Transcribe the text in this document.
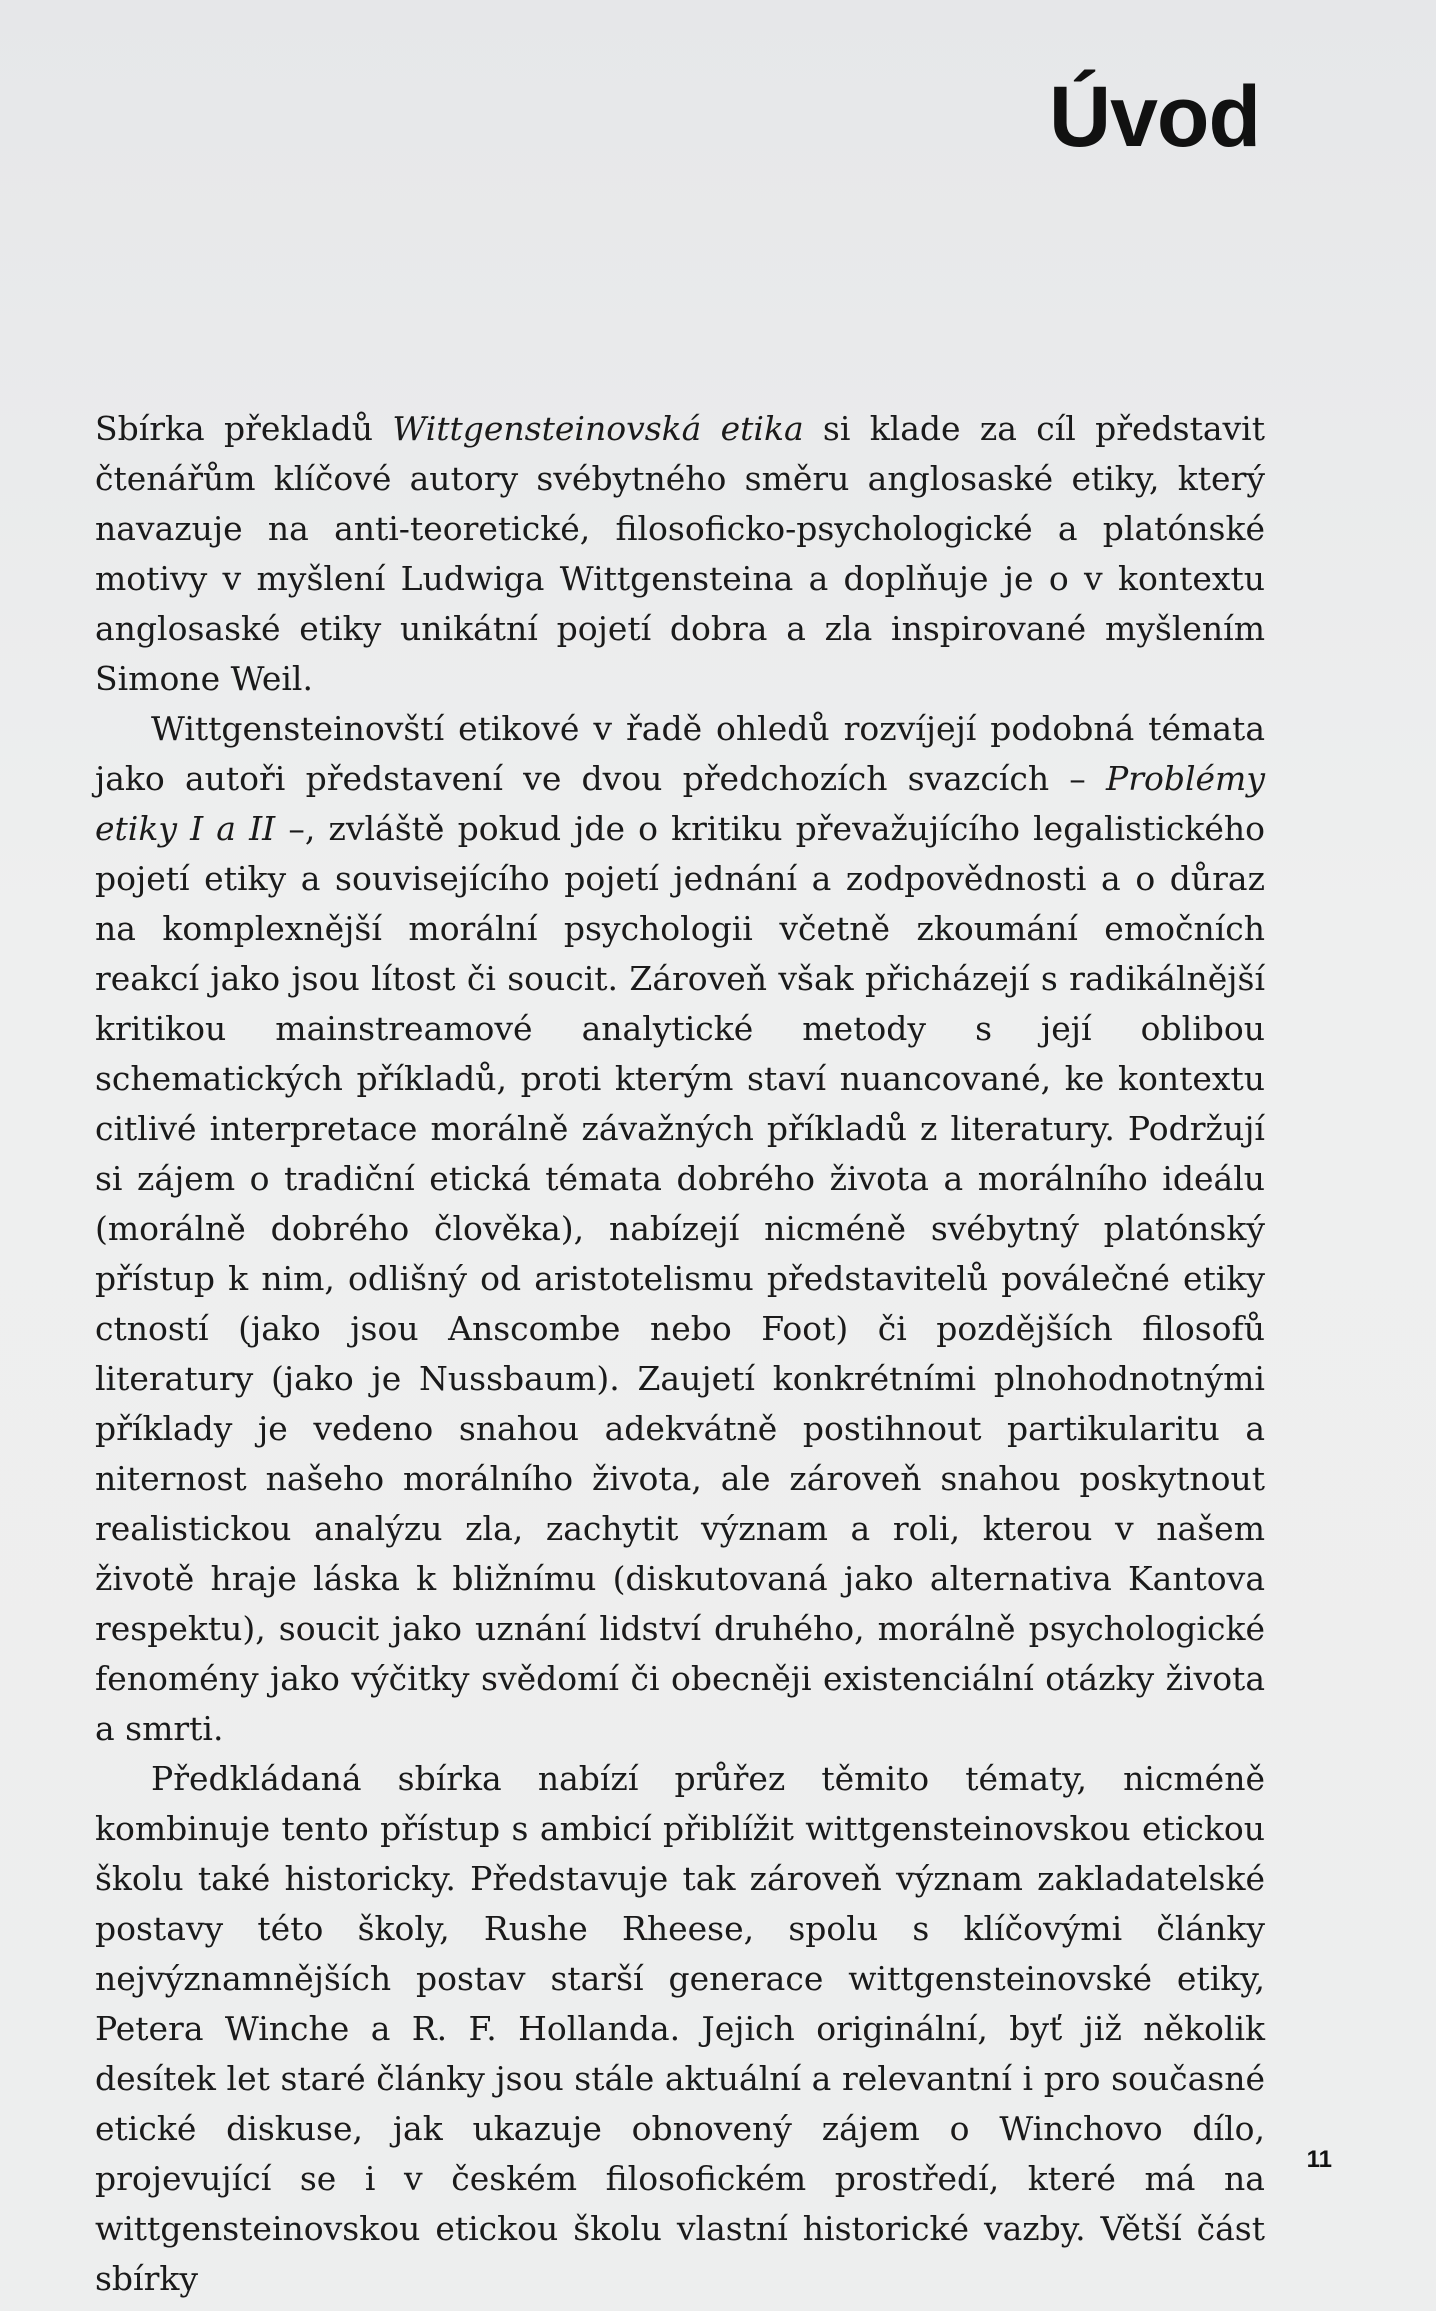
Úvod

Sbírka překladů Wittgensteinovská etika si klade za cíl představit čtenářům klíčové autory svébytného směru anglosaské etiky, který navazuje na anti-teoretické, filosoficko-psychologické a platónské motivy v myšlení Ludwiga Wittgensteina a doplňuje je o v kontextu anglosaské etiky unikátní pojetí dobra a zla inspirované myšlením Simone Weil.

Wittgensteinovští etikové v řadě ohledů rozvíjejí podobná témata jako autoři představení ve dvou předchozích svazcích – Problémy etiky I a II –, zvláště pokud jde o kritiku převažujícího legalistického pojetí etiky a souvisejícího pojetí jednání a zodpovědnosti a o důraz na komplexnější morální psychologii včetně zkoumání emočních reakcí jako jsou lítost či soucit. Zároveň však přicházejí s radikálnější kritikou mainstreamové analytické metody s její oblibou schematických příkladů, proti kterým staví nuancované, ke kontextu citlivé interpretace morálně závažných příkladů z literatury. Podržují si zájem o tradiční etická témata dobrého života a morálního ideálu (morálně dobrého člověka), nabízejí nicméně svébytný platónský přístup k nim, odlišný od aristotelismu představitelů poválečné etiky ctností (jako jsou Anscombe nebo Foot) či pozdějších filosofů literatury (jako je Nussbaum). Zaujetí konkrétními plnohodnotnými příklady je vedeno snahou adekvátně postihnout partikularitu a niternost našeho morálního života, ale zároveň snahou poskytnout realistickou analýzu zla, zachytit význam a roli, kterou v našem životě hraje láska k bližnímu (diskutovaná jako alternativa Kantova respektu), soucit jako uznání lidství druhého, morálně psychologické fenomény jako výčitky svědomí či obecněji existenciální otázky života a smrti.

Předkládaná sbírka nabízí průřez těmito tématy, nicméně kombinuje tento přístup s ambicí přiblížit wittgensteinovskou etickou školu také historicky. Představuje tak zároveň význam zakladatelské postavy této školy, Rushe Rheese, spolu s klíčovými články nejvýznamnějších postav starší generace wittgensteinovské etiky, Petera Winche a R. F. Hollanda. Jejich originální, byť již několik desítek let staré články jsou stále aktuální a relevantní i pro současné etické diskuse, jak ukazuje obnovený zájem o Winchovo dílo, projevující se i v českém filosofickém prostředí, které má na wittgensteinovskou etickou školu vlastní historické vazby. Větší část sbírky

11
